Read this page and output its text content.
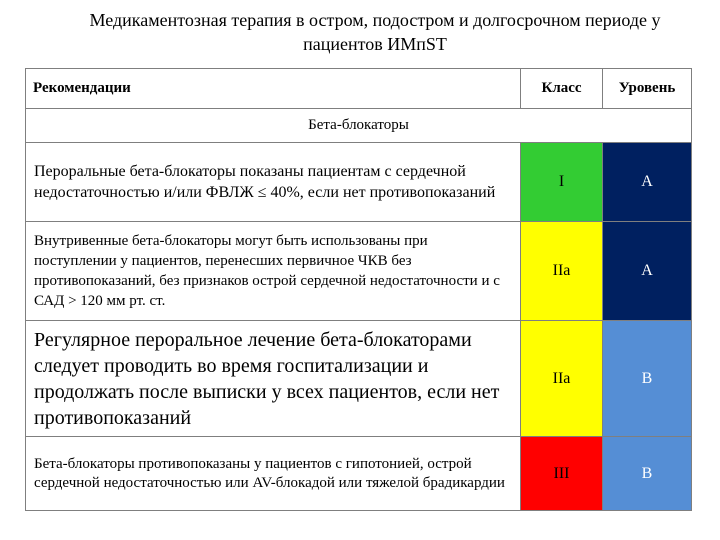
Медикаментозная терапия в остром, подостром и долгосрочном периоде у
пациентов ИМпST
Рекомендации	Класс	Уровень
Бета-блокаторы		
Пероральные бета-блокаторы показаны пациентам с сердечной недостаточностью и/или ФВЛЖ ≤ 40%, если нет противопоказаний	I	A
Внутривенные бета-блокаторы могут быть использованы при поступлении у пациентов, перенесших первичное ЧКВ без противопоказаний, без признаков острой сердечной недостаточности и с САД > 120 мм рт. ст.	IIa	A
Регулярное пероральное лечение бета-блокаторами следует проводить во время госпитализации и продолжать после выписки у всех пациентов, если нет противопоказаний	IIa	B
Бета-блокаторы противопоказаны у пациентов с гипотонией, острой сердечной недостаточностью или AV-блокадой или тяжелой брадикардии	III	B
